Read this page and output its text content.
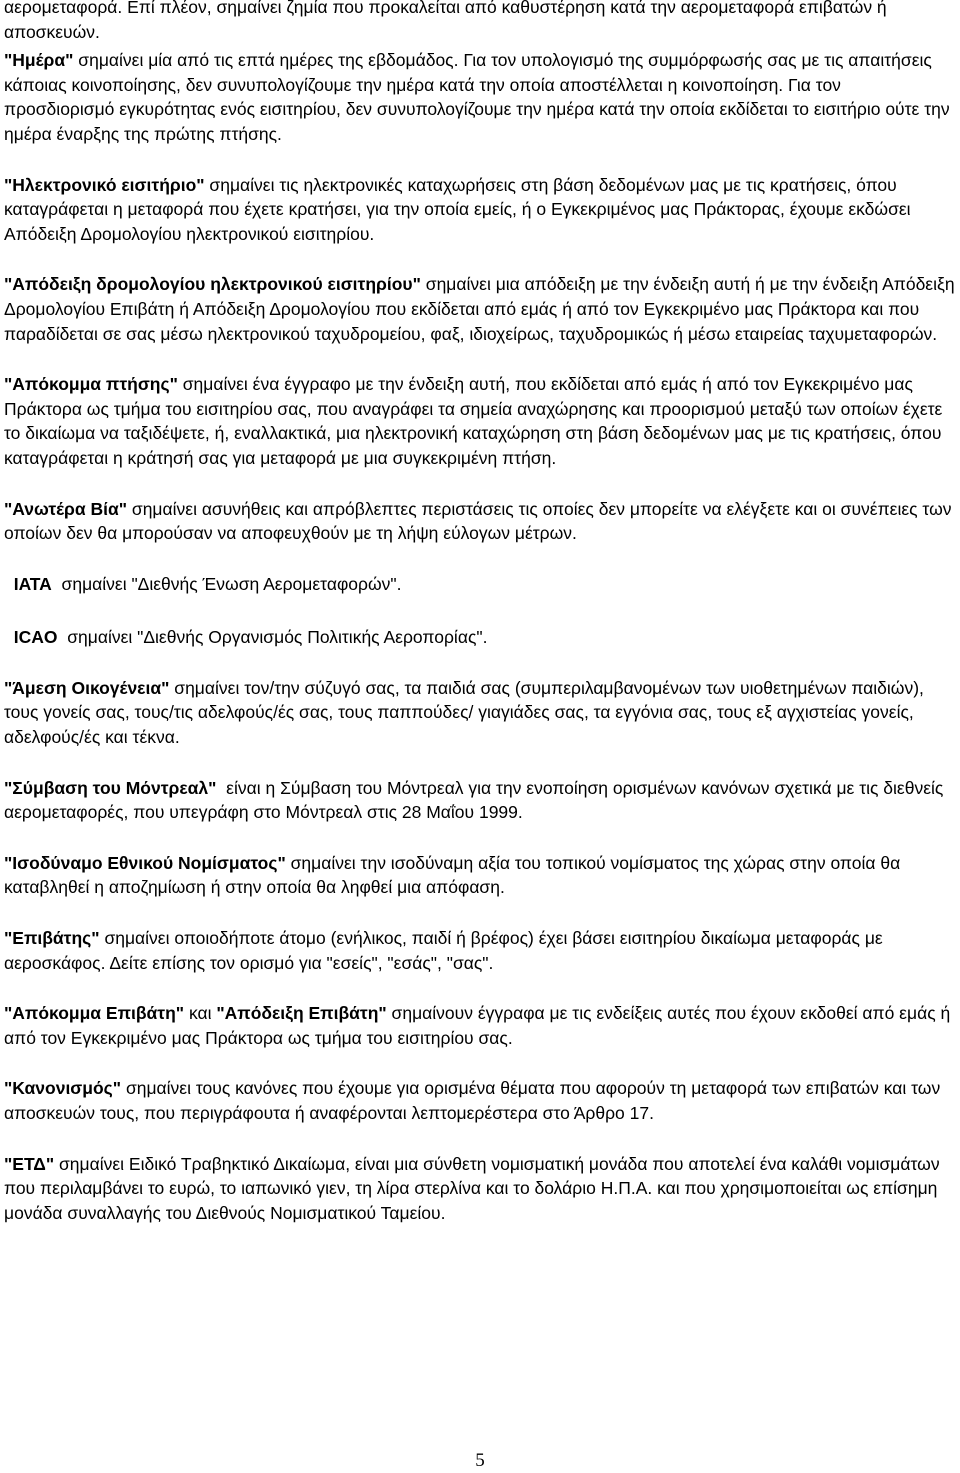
αερομεταφορά. Επί πλέον, σημαίνει ζημία που προκαλείται από καθυστέρηση κατά την αερομεταφορά επιβατών ή αποσκευών.

"Ημέρα" σημαίνει μία από τις επτά ημέρες της εβδομάδος. Για τον υπολογισμό της συμμόρφωσής σας με τις απαιτήσεις κάποιας κοινοποίησης, δεν συνυπολογίζουμε την ημέρα κατά την οποία αποστέλλεται η κοινοποίηση. Για τον προσδιορισμό εγκυρότητας ενός εισιτηρίου, δεν συνυπολογίζουμε την ημέρα κατά την οποία εκδίδεται το εισιτήριο ούτε την ημέρα έναρξης της πρώτης πτήσης.

"Ηλεκτρονικό εισιτήριο" σημαίνει τις ηλεκτρονικές καταχωρήσεις στη βάση δεδομένων μας με τις κρατήσεις, όπου καταγράφεται η μεταφορά που έχετε κρατήσει, για την οποία εμείς, ή ο Εγκεκριμένος μας Πράκτορας, έχουμε εκδώσει Απόδειξη Δρομολογίου ηλεκτρονικού εισιτηρίου.

"Απόδειξη δρομολογίου ηλεκτρονικού εισιτηρίου" σημαίνει μια απόδειξη με την ένδειξη αυτή ή με την ένδειξη Απόδειξη Δρομολογίου Επιβάτη ή Απόδειξη Δρομολογίου που εκδίδεται από εμάς ή από τον Εγκεκριμένο μας Πράκτορα και που παραδίδεται σε σας μέσω ηλεκτρονικού ταχυδρομείου, φαξ, ιδιοχείρως, ταχυδρομικώς ή μέσω εταιρείας ταχυμεταφορών.

"Απόκομμα πτήσης" σημαίνει ένα έγγραφο με την ένδειξη αυτή, που εκδίδεται από εμάς ή από τον Εγκεκριμένο μας Πράκτορα ως τμήμα του εισιτηρίου σας, που αναγράφει τα σημεία αναχώρησης και προορισμού μεταξύ των οποίων έχετε το δικαίωμα να ταξιδέψετε, ή, εναλλακτικά, μια ηλεκτρονική καταχώρηση στη βάση δεδομένων μας με τις κρατήσεις, όπου καταγράφεται η κράτησή σας για μεταφορά με μια συγκεκριμένη πτήση.

"Ανωτέρα Βία" σημαίνει ασυνήθεις και απρόβλεπτες περιστάσεις τις οποίες δεν μπορείτε να ελέγξετε και οι συνέπειες των οποίων δεν θα μπορούσαν να αποφευχθούν με τη λήψη εύλογων μέτρων.

ΙΑΤΑ  σημαίνει "Διεθνής Ένωση Αερομεταφορών".

ICAO  σημαίνει "Διεθνής Οργανισμός Πολιτικής Αεροπορίας".

"Άμεση Οικογένεια" σημαίνει τον/την σύζυγό σας, τα παιδιά σας (συμπεριλαμβανομένων των υιοθετημένων παιδιών), τους γονείς σας, τους/τις αδελφούς/ές σας, τους παππούδες/ γιαγιάδες σας, τα εγγόνια σας, τους εξ αγχιστείας γονείς, αδελφούς/ές και τέκνα.

"Σύμβαση του Μόντρεαλ"  είναι η Σύμβαση του Μόντρεαλ για την ενοποίηση ορισμένων κανόνων σχετικά με τις διεθνείς αερομεταφορές, που υπεγράφη στο Μόντρεαλ στις 28 Μαΐου 1999.

"Ισοδύναμο Εθνικού Νομίσματος" σημαίνει την ισοδύναμη αξία του τοπικού νομίσματος της χώρας στην οποία θα καταβληθεί η αποζημίωση ή στην οποία θα ληφθεί μια απόφαση.

"Επιβάτης" σημαίνει οποιοδήποτε άτομο (ενήλικος, παιδί ή βρέφος) έχει βάσει εισιτηρίου δικαίωμα μεταφοράς με αεροσκάφος. Δείτε επίσης τον ορισμό για "εσείς", "εσάς", "σας".

"Απόκομμα Επιβάτη" και "Απόδειξη Επιβάτη" σημαίνουν έγγραφα με τις ενδείξεις αυτές που έχουν εκδοθεί από εμάς ή από τον Εγκεκριμένο μας Πράκτορα ως τμήμα του εισιτηρίου σας.

"Κανονισμός" σημαίνει τους κανόνες που έχουμε για ορισμένα θέματα που αφορούν τη μεταφορά των επιβατών και των αποσκευών τους, που περιγράφουτα ή αναφέρονται λεπτομερέστερα στο Άρθρο 17.

"ΕΤΔ" σημαίνει Ειδικό Τραβηκτικό Δικαίωμα, είναι μια σύνθετη νομισματική μονάδα που αποτελεί ένα καλάθι νομισμάτων που περιλαμβάνει το ευρώ, το ιαπωνικό γιεν, τη λίρα στερλίνα και το δολάριο Η.Π.Α. και που χρησιμοποιείται ως επίσημη μονάδα συναλλαγής του Διεθνούς Νομισματικού Ταμείου.

5
